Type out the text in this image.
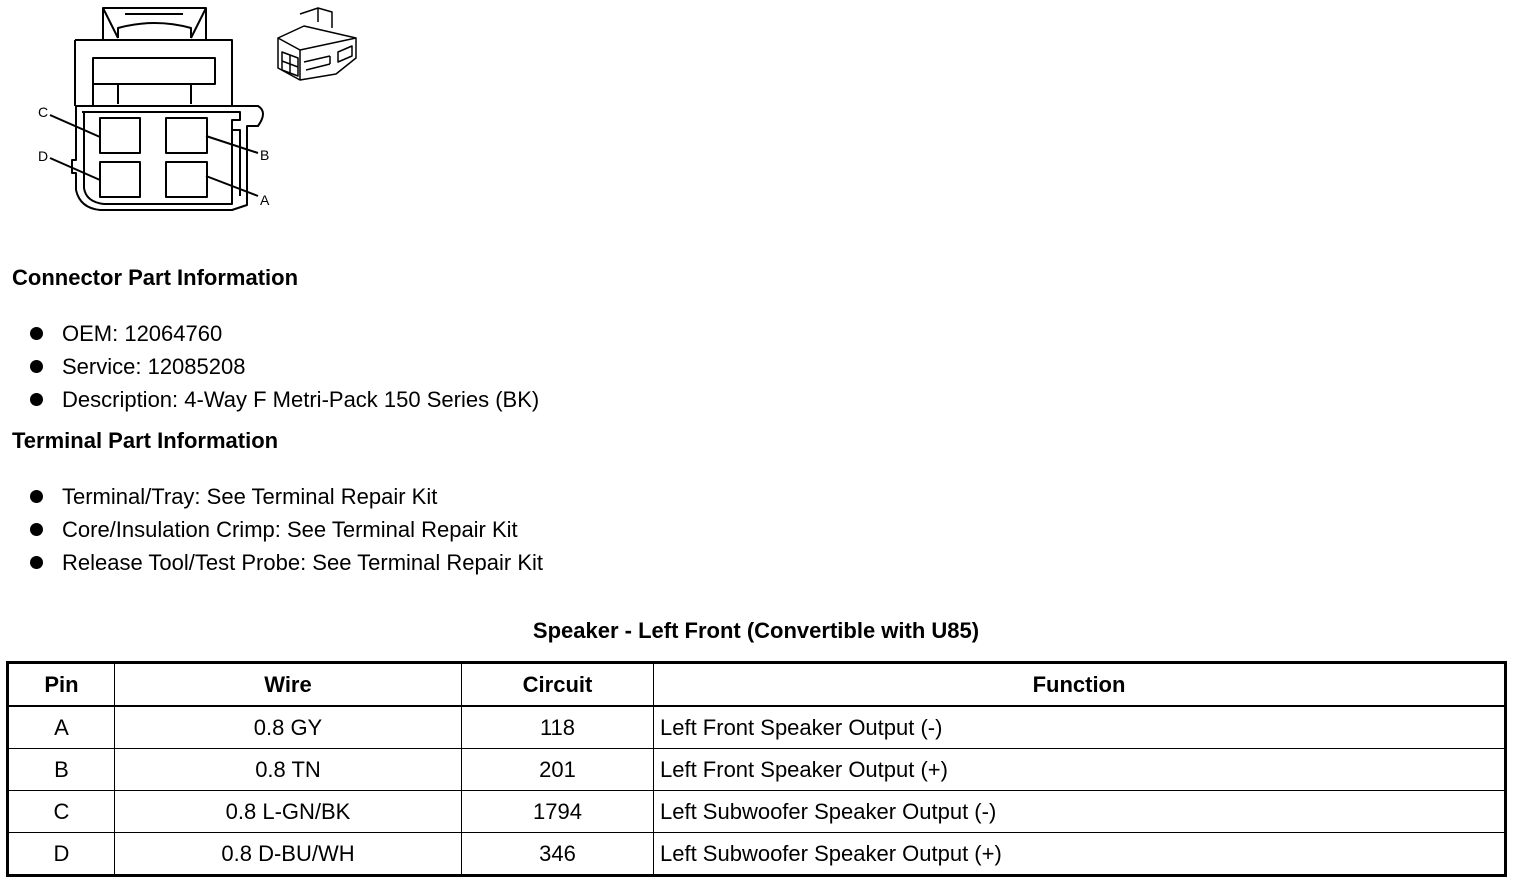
C
B
D
A
Connector Part Information
OEM: 12064760
Service: 12085208
Description: 4-Way F Metri-Pack 150 Series (BK)
Terminal Part Information
Terminal/Tray: See Terminal Repair Kit
Core/Insulation Crimp: See Terminal Repair Kit
Release Tool/Test Probe: See Terminal Repair Kit
Speaker - Left Front (Convertible with U85)
Pin	Wire	Circuit	Function
A	0.8 GY	118	Left Front Speaker Output (-)
B	0.8 TN	201	Left Front Speaker Output (+)
C	0.8 L-GN/BK	1794	Left Subwoofer Speaker Output (-)
D	0.8 D-BU/WH	346	Left Subwoofer Speaker Output (+)
